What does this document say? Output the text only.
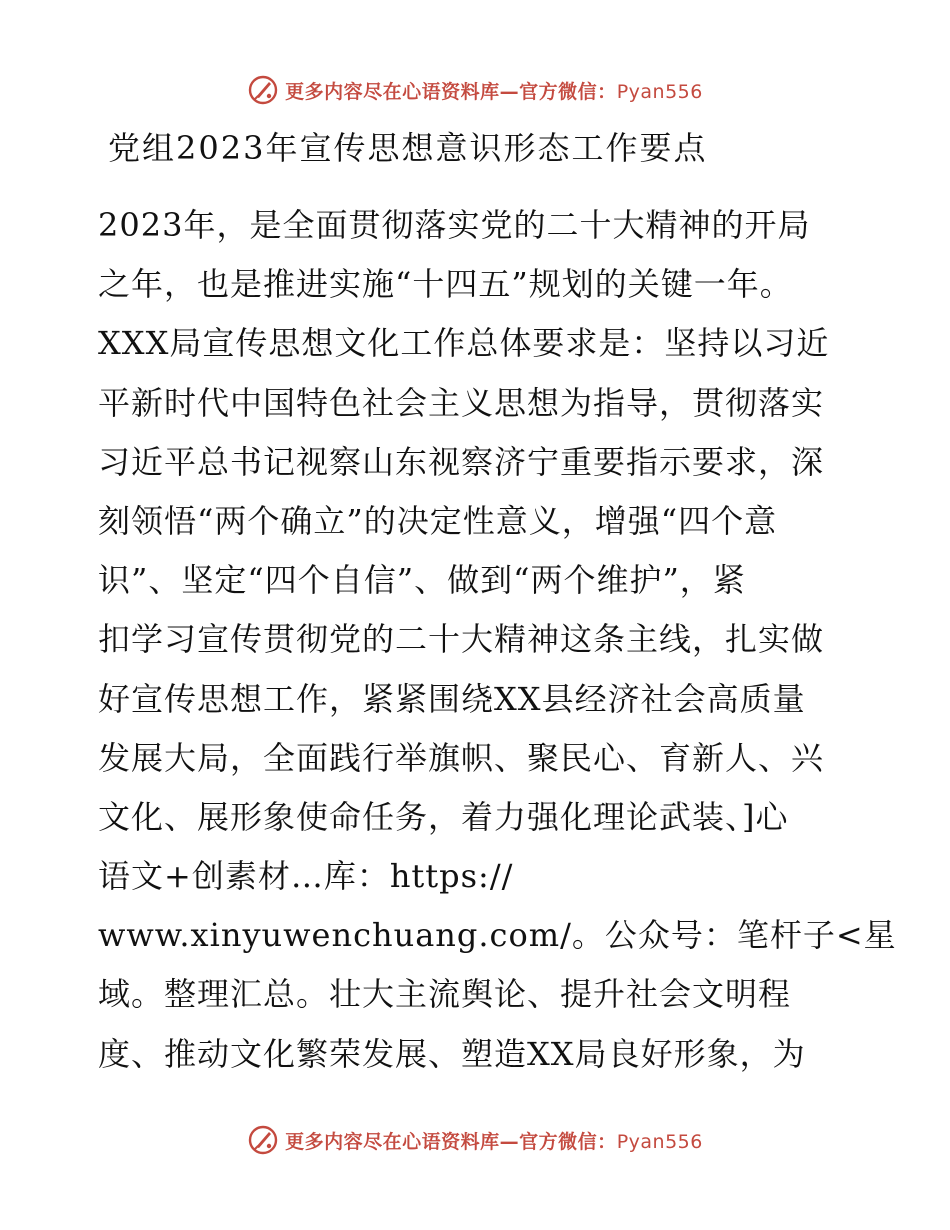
更多内容尽在心语资料库—官方微信：Pyan556
党组2023年宣传思想意识形态工作要点
2023年，是全面贯彻落实党的二十大精神的开局
之年，也是推进实施“十四五”规划的关键一年。
XXX局宣传思想文化工作总体要求是：坚持以习近
平新时代中国特色社会主义思想为指导，贯彻落实
习近平总书记视察山东视察济宁重要指示要求，深
刻领悟“两个确立”的决定性意义，增强“四个意
识”、坚定“四个自信”、做到“两个维护”，紧
扣学习宣传贯彻党的二十大精神这条主线，扎实做
好宣传思想工作，紧紧围绕XX县经济社会高质量
发展大局，全面践行举旗帜、聚民心、育新人、兴
文化、展形象使命任务，着力强化理论武装、]心
语文+创素材…库：https://
www.xinyuwenchuang.com/。公众号：笔杆子<星
域。整理汇总。壮大主流舆论、提升社会文明程
度、推动文化繁荣发展、塑造XX局良好形象，为
更多内容尽在心语资料库—官方微信：Pyan556
